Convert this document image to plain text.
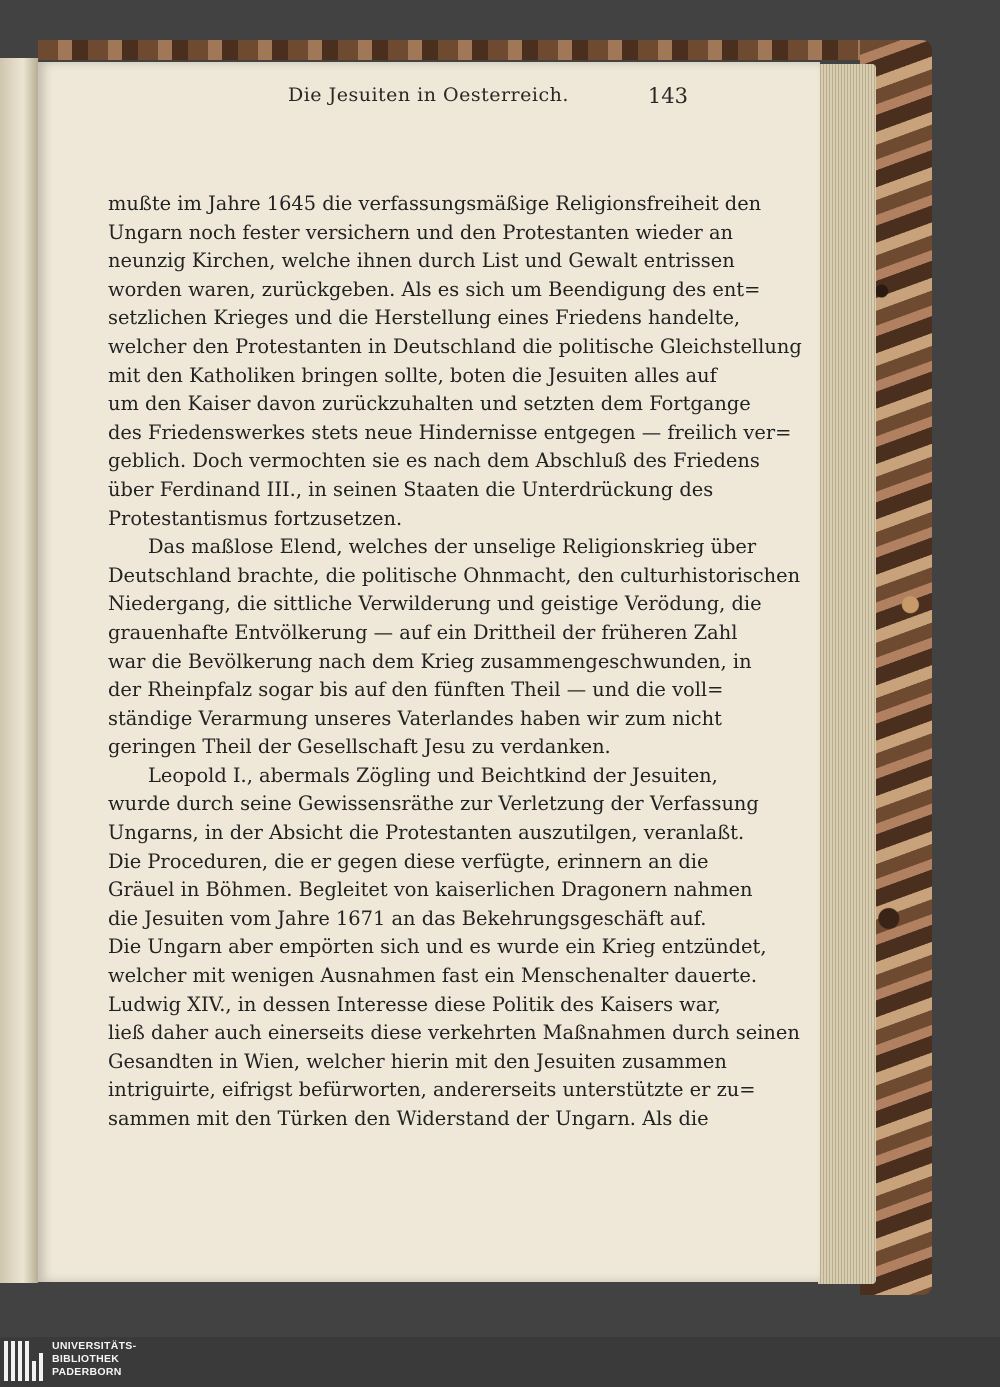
Die Jesuiten in Oesterreich.	143
mußte im Jahre 1645 die verfassungsmäßige Religionsfreiheit den
Ungarn noch fester versichern und den Protestanten wieder an
neunzig Kirchen, welche ihnen durch List und Gewalt entrissen
worden waren, zurückgeben. Als es sich um Beendigung des ent=
setzlichen Krieges und die Herstellung eines Friedens handelte,
welcher den Protestanten in Deutschland die politische Gleichstellung
mit den Katholiken bringen sollte, boten die Jesuiten alles auf
um den Kaiser davon zurückzuhalten und setzten dem Fortgange
des Friedenswerkes stets neue Hindernisse entgegen — freilich ver=
geblich. Doch vermochten sie es nach dem Abschluß des Friedens
über Ferdinand III., in seinen Staaten die Unterdrückung des
Protestantismus fortzusetzen.
Das maßlose Elend, welches der unselige Religionskrieg über
Deutschland brachte, die politische Ohnmacht, den culturhistorischen
Niedergang, die sittliche Verwilderung und geistige Verödung, die
grauenhafte Entvölkerung — auf ein Drittheil der früheren Zahl
war die Bevölkerung nach dem Krieg zusammengeschwunden, in
der Rheinpfalz sogar bis auf den fünften Theil — und die voll=
ständige Verarmung unseres Vaterlandes haben wir zum nicht
geringen Theil der Gesellschaft Jesu zu verdanken.
Leopold I., abermals Zögling und Beichtkind der Jesuiten,
wurde durch seine Gewissensräthe zur Verletzung der Verfassung
Ungarns, in der Absicht die Protestanten auszutilgen, veranlaßt.
Die Proceduren, die er gegen diese verfügte, erinnern an die
Gräuel in Böhmen. Begleitet von kaiserlichen Dragonern nahmen
die Jesuiten vom Jahre 1671 an das Bekehrungsgeschäft auf.
Die Ungarn aber empörten sich und es wurde ein Krieg entzündet,
welcher mit wenigen Ausnahmen fast ein Menschenalter dauerte.
Ludwig XIV., in dessen Interesse diese Politik des Kaisers war,
ließ daher auch einerseits diese verkehrten Maßnahmen durch seinen
Gesandten in Wien, welcher hierin mit den Jesuiten zusammen
intriguirte, eifrigst befürworten, andererseits unterstützte er zu=
sammen mit den Türken den Widerstand der Ungarn. Als die
UNIVERSITÄTS-
BIBLIOTHEK
PADERBORN
